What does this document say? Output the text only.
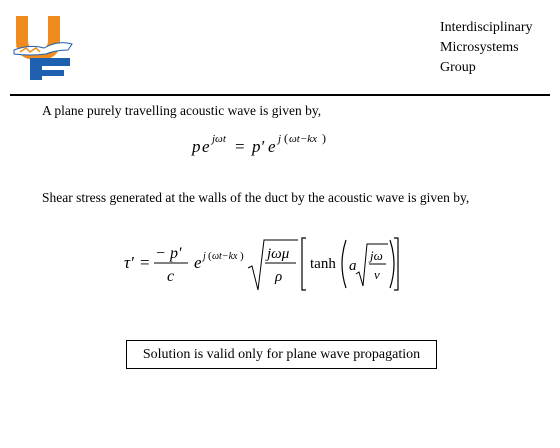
Interdisciplinary
Microsystems
Group
A plane purely travelling acoustic wave is given by,
p e jωt = p′ e j ( ωt−kx )
Shear stress generated at the walls of the duct by the acoustic wave is given by,
τ′ = − p′
c
e j ( ωt−kx ) jωμ
ρ
tanh a
jω
v
Solution is valid only for plane wave propagation
